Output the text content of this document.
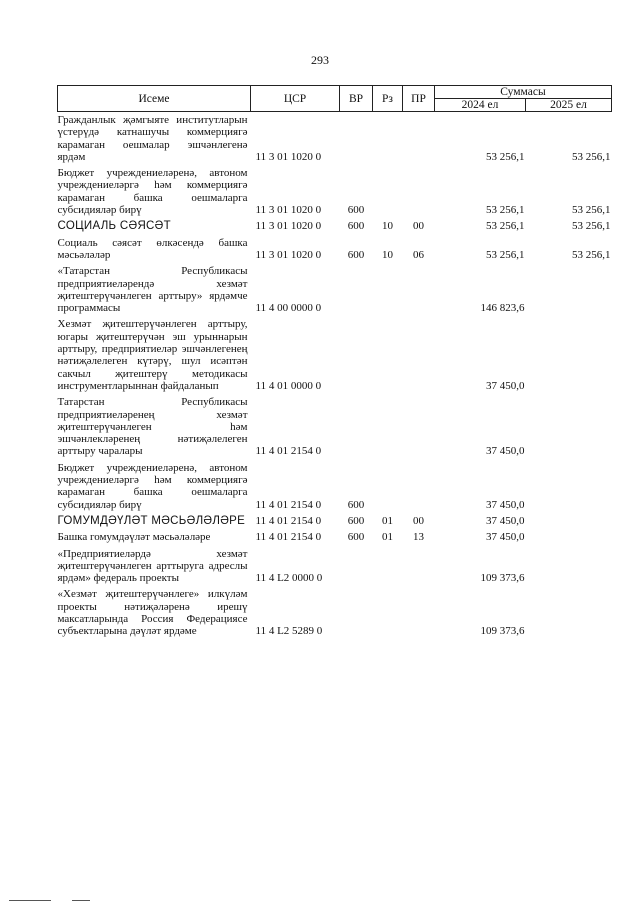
293
Исеме	ЦСР	ВР	Рз	ПР	Суммасы	
					2024 ел	2025 ел
Гражданлык җәмгыяте институтларын үстерүдә катнашучы коммерциягә карамаган оешмалар эшчәнлегенә ярдәм	11 3 01 1020 0				53 256,1	53 256,1
Бюджет учреждениеләренә, автоном учреждениеләргә һәм коммерциягә карамаган башка оешмаларга субсидияләр бирү	11 3 01 1020 0	600			53 256,1	53 256,1
СОЦИАЛЬ СӘЯСӘТ	11 3 01 1020 0	600	10	00	53 256,1	53 256,1
Социаль сәясәт өлкәсендә башка мәсьәләләр	11 3 01 1020 0	600	10	06	53 256,1	53 256,1
«Татарстан Республикасы предприятиеләрендә хезмәт җитештерүчәнлеген арттыру» ярдәмче программасы	11 4 00 0000 0				146 823,6	
Хезмәт җитештерүчәнлеген арттыру, югары җитештерүчән эш урыннарын арттыру, предприятиеләр эшчәнлегенең нәтиҗәлелеген күтәрү, шул исәптән сакчыл җитештерү методикасы инструментларыннан файдаланып	11 4 01 0000 0				37 450,0	
Татарстан Республикасы предприятиеләренең хезмәт җитештерүчәнлеген һәм эшчәнлекләренең нәтиҗәлелеген арттыру чаралары	11 4 01 2154 0				37 450,0	
Бюджет учреждениеләренә, автоном учреждениеләргә һәм коммерциягә карамаган башка оешмаларга субсидияләр бирү	11 4 01 2154 0	600			37 450,0	
ГОМУМДӘҮЛӘТ МӘСЬӘЛӘЛӘРЕ	11 4 01 2154 0	600	01	00	37 450,0	
Башка гомумдәүләт мәсьәләләре	11 4 01 2154 0	600	01	13	37 450,0	
«Предприятиеләрдә хезмәт җитештерүчәнлеген арттыруга адреслы ярдәм» федераль проекты	11 4 L2 0000 0				109 373,6	
«Хезмәт җитештерүчәнлеге» илкүләм проекты нәтиҗәләренә ирешү максатларында Россия Федерациясе субъектларына дәүләт ярдәме	11 4 L2 5289 0				109 373,6	
